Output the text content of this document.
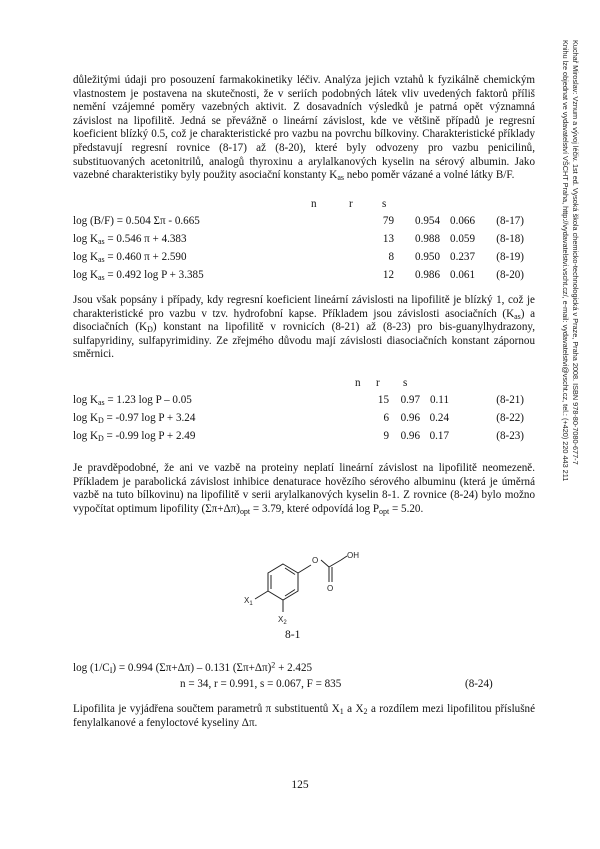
důležitými údaji pro posouzení farmakokinetiky léčiv. Analýza jejich vztahů k fyzikálně chemickým vlastnostem je postavena na skutečnosti, že v seriích podobných látek vliv uvedených faktorů příliš nemění vzájemné poměry vazebných aktivit. Z dosavadních výsledků je patrná opět významná závislost na lipofilitě. Jedná se převážně o lineární závislost, kde ve většině případů je regresní koeficient blízký 0.5, což je charakteristické pro vazbu na povrchu bílkoviny. Charakteristické příklady představují regresní rovnice (8-17) až (8-20), které byly odvozeny pro vazbu penicilinů, substituovaných acetonitrilů, analogů thyroxinu a arylalkanových kyselin na sérový albumin. Jako vazebné charakteristiky byly použity asociační konstanty $K_{as}$ nebo poměr vázané a volné látky B/F.

n	r	s
log (B/F) = 0.504 Σπ - 0.665	79 0.954 0.066 (8-17)
$\log K_{as} = 0.546$ π + 4.383	13 0.988 0.059 (8-18)
$\log K_{as} = 0.460$ π + 2.590	8 0.950 0.237 (8-19)
$\log K_{as} = 0.492$ log P + 3.385	12 0.986 0.061 (8-20)

Jsou však popsány i případy, kdy regresní koeficient lineární závislosti na lipofilitě je blízký 1, což je charakteristické pro vazbu v tzv. hydrofobní kapse. Příkladem jsou závislosti asociačních $(K_{as})$ a disociačních $(K_D)$ konstant na lipofilitě v rovnicích (8-21) až (8-23) pro bis-guanylhydrazony, sulfapyridiny, sulfapyrimidiny. Ze zřejmého důvodu mají závislosti diasociačních konstant zápornou směrnici.

n r s
$\log K_{as} = 1.23$ log P – 0.05	15 0.97 0.11	(8-21)
$\log K_D = -0.97$ log P + 3.24	6 0.96 0.24	(8-22)
$\log K_D = -0.99$ log P + 2.49	9 0.96 0.17	(8-23)

Je pravděpodobné, že ani ve vazbě na proteiny neplatí lineární závislost na lipofilitě neomezeně. Příkladem je parabolická závislost inhibice denaturace hovězího sérového albuminu (která je úměrná vazbě na tuto bílkovinu) na lipofilitě v serii arylalkanových kyselin 8-1. Z rovnice (8-24) bylo možno vypočítat optimum lipofility $(\Sigma\pi+\Delta\pi)_{opt} = 3.79$, které odpovídá $\log P_{opt} = 5.20$.

O
OH
O
$X_1$
$X_2$
8-1
$\log (1/C_I) = 0.994$ (Σπ+Δπ) – 0.131 $(\Sigma\pi+\Delta\pi)^2 + 2.425$
n = 34, r = 0.991, s = 0.067, F = 835	(8-24)

Lipofilita je vyjádřena součtem parametrů π substituentů $X_1$ a $X_2$ a rozdílem mezi lipofilitou příslušné fenylalkanové a fenyloctové kyseliny Δπ.

125
Kuchař Miroslav: Vznum a vývoj léčiv. 1st ed. Vysoká škola chemicko-technologická v Praze, Praha 2008. ISBN 978-80-7080-677-7
Knihu lze objednat ve vydavatelství VŠCHT Praha, http://vydavatelstvi.vscht.cz/, e-mail: vydavatelstvi@vscht.cz, tel.: (+420) 220 443 211
